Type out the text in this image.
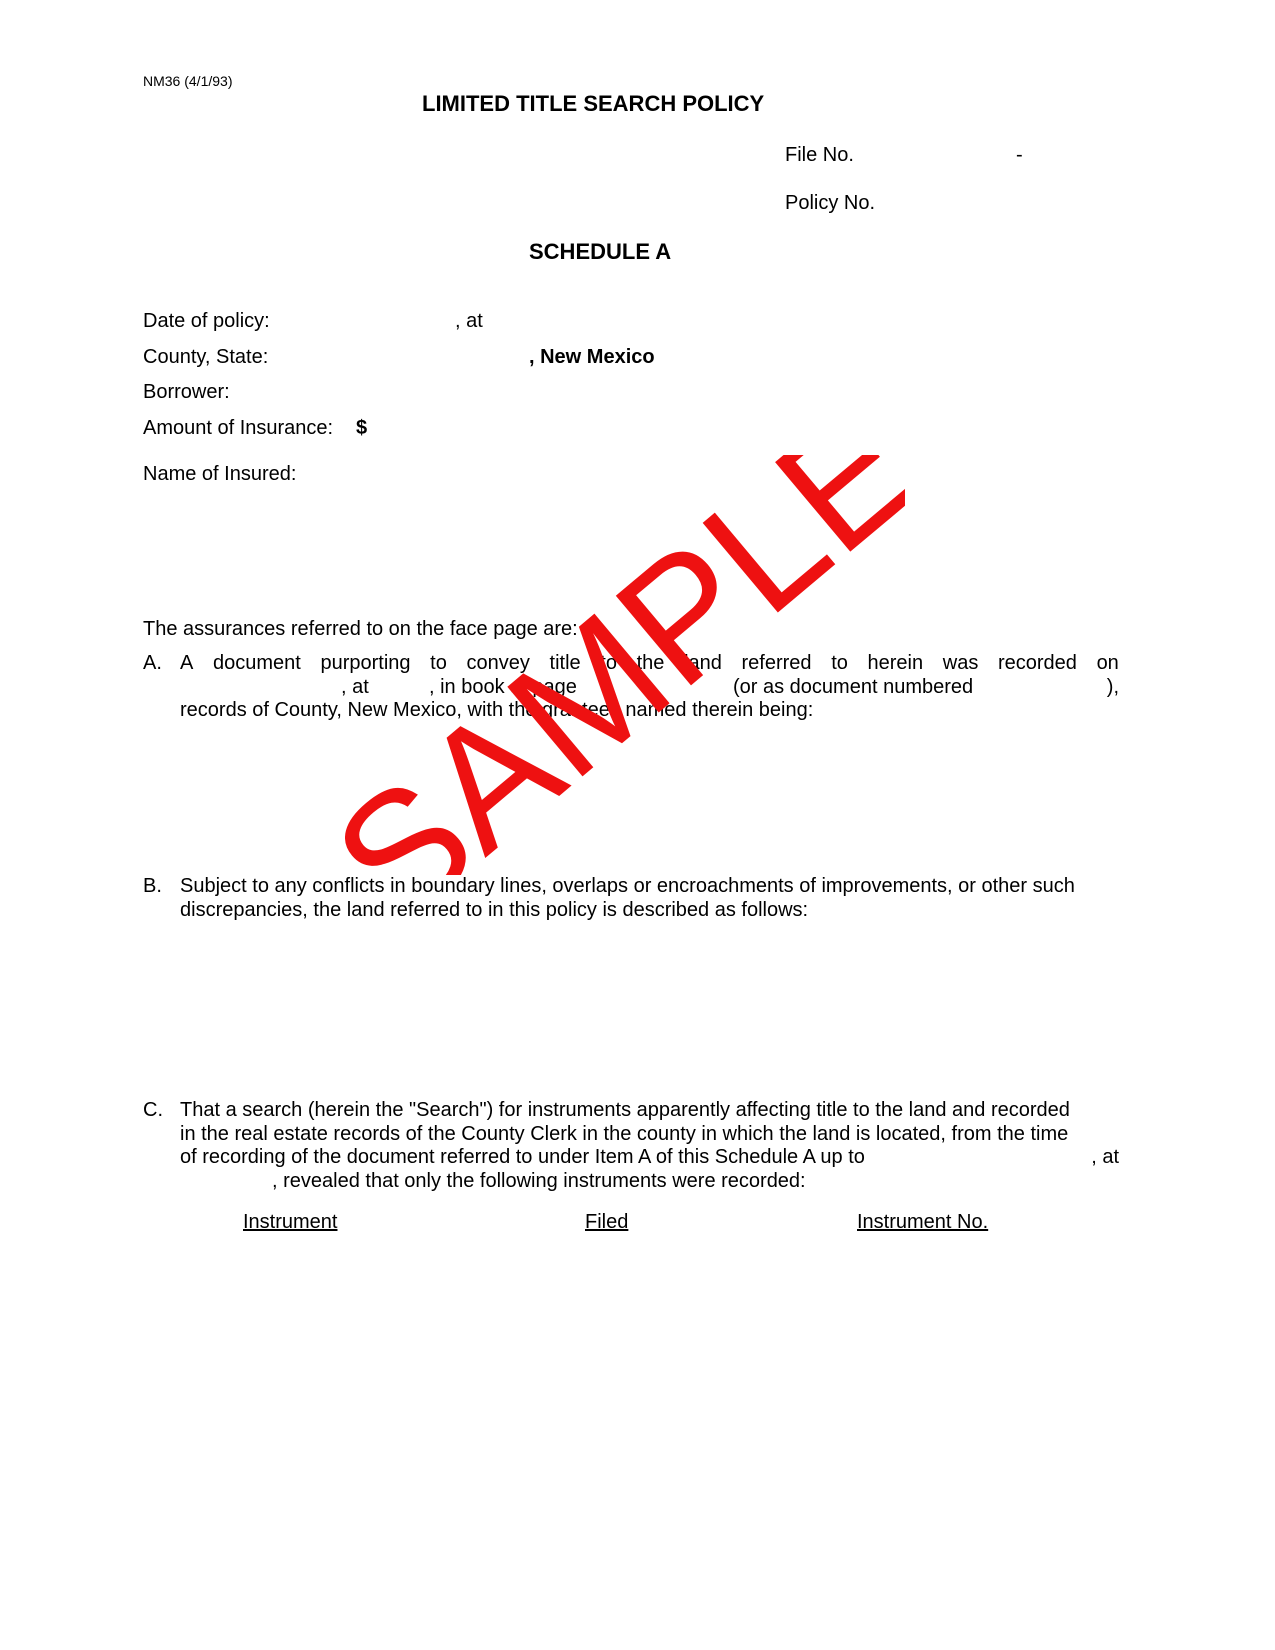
NM36 (4/1/93)
LIMITED TITLE SEARCH POLICY
File No.	-
Policy No.
SCHEDULE A
Date of policy:	, at
County, State:	, New Mexico
Borrower:
Amount of Insurance: $
Name of Insured:
The assurances referred to on the face page are:
A. A document purporting to convey title to the land referred to herein was recorded on
, at	, in book at page	(or as document numbered	),
records of County, New Mexico, with the grantees named therein being:
B. Subject to any conflicts in boundary lines, overlaps or encroachments of improvements, or other such
discrepancies, the land referred to in this policy is described as follows:
C. That a search (herein the "Search") for instruments apparently affecting title to the land and recorded
in the real estate records of the County Clerk in the county in which the land is located, from the time
of recording of the document referred to under Item A of this Schedule A up to	, at
, revealed that only the following instruments were recorded:
Instrument	Filed	Instrument No.
SAMPLE
